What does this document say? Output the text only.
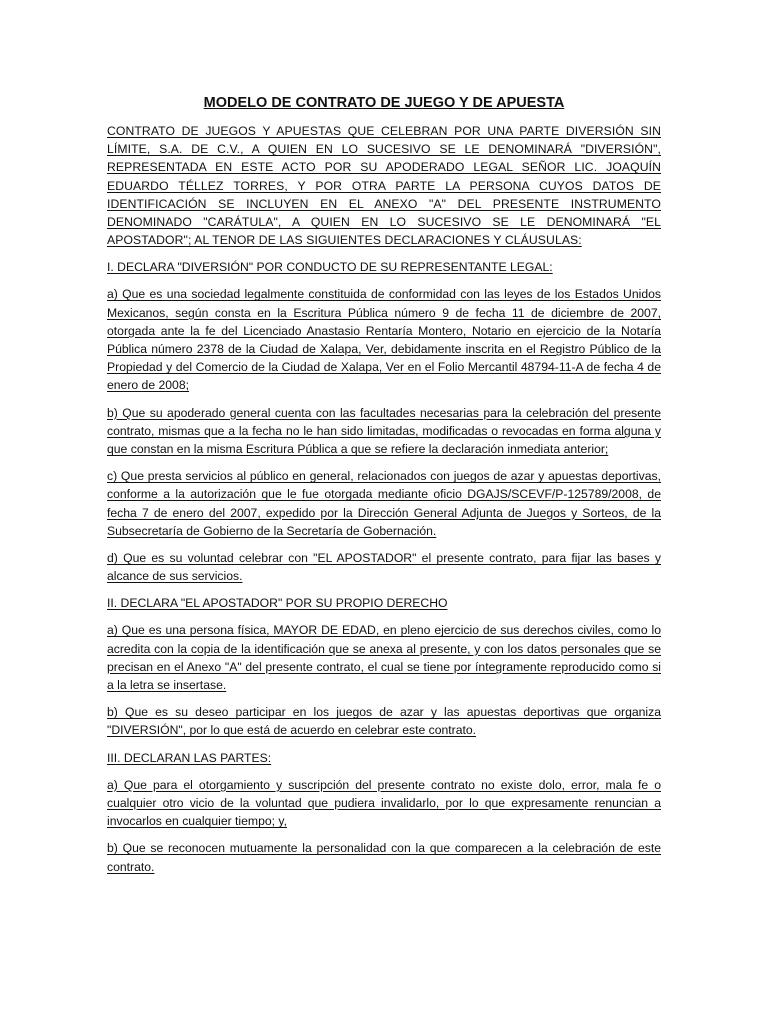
MODELO DE CONTRATO DE JUEGO Y DE APUESTA

CONTRATO DE JUEGOS Y APUESTAS QUE CELEBRAN POR UNA PARTE DIVERSIÓN SIN LÍMITE, S.A. DE C.V., A QUIEN EN LO SUCESIVO SE LE DENOMINARÁ "DIVERSIÓN", REPRESENTADA EN ESTE ACTO POR SU APODERADO LEGAL SEÑOR LIC. JOAQUÍN EDUARDO TÉLLEZ TORRES, Y POR OTRA PARTE LA PERSONA CUYOS DATOS DE IDENTIFICACIÓN SE INCLUYEN EN EL ANEXO "A" DEL PRESENTE INSTRUMENTO DENOMINADO "CARÁTULA", A QUIEN EN LO SUCESIVO SE LE DENOMINARÁ "EL APOSTADOR"; AL TENOR DE LAS SIGUIENTES DECLARACIONES Y CLÁUSULAS:

I. DECLARA "DIVERSIÓN" POR CONDUCTO DE SU REPRESENTANTE LEGAL:

a) Que es una sociedad legalmente constituida de conformidad con las leyes de los Estados Unidos Mexicanos, según consta en la Escritura Pública número 9 de fecha 11 de diciembre de 2007, otorgada ante la fe del Licenciado Anastasio Rentaría Montero, Notario en ejercicio de la Notaría Pública número 2378 de la Ciudad de Xalapa, Ver, debidamente inscrita en el Registro Público de la Propiedad y del Comercio de la Ciudad de Xalapa, Ver en el Folio Mercantil 48794-11-A de fecha 4 de enero de 2008;

b) Que su apoderado general cuenta con las facultades necesarias para la celebración del presente contrato, mismas que a la fecha no le han sido limitadas, modificadas o revocadas en forma alguna y que constan en la misma Escritura Pública a que se refiere la declaración inmediata anterior;

c) Que presta servicios al público en general, relacionados con juegos de azar y apuestas deportivas, conforme a la autorización que le fue otorgada mediante oficio DGAJS/SCEVF/P-125789/2008, de fecha 7 de enero del 2007, expedido por la Dirección General Adjunta de Juegos y Sorteos, de la Subsecretaría de Gobierno de la Secretaría de Gobernación.

d) Que es su voluntad celebrar con "EL APOSTADOR" el presente contrato, para fijar las bases y alcance de sus servicios.

II. DECLARA "EL APOSTADOR" POR SU PROPIO DERECHO

a) Que es una persona física, MAYOR DE EDAD, en pleno ejercicio de sus derechos civiles, como lo acredita con la copia de la identificación que se anexa al presente, y con los datos personales que se precisan en el Anexo "A" del presente contrato, el cual se tiene por íntegramente reproducido como si a la letra se insertase.

b) Que es su deseo participar en los juegos de azar y las apuestas deportivas que organiza "DIVERSIÓN", por lo que está de acuerdo en celebrar este contrato.

III. DECLARAN LAS PARTES:

a) Que para el otorgamiento y suscripción del presente contrato no existe dolo, error, mala fe o cualquier otro vicio de la voluntad que pudiera invalidarlo, por lo que expresamente renuncian a invocarlos en cualquier tiempo; y,

b) Que se reconocen mutuamente la personalidad con la que comparecen a la celebración de este contrato.
